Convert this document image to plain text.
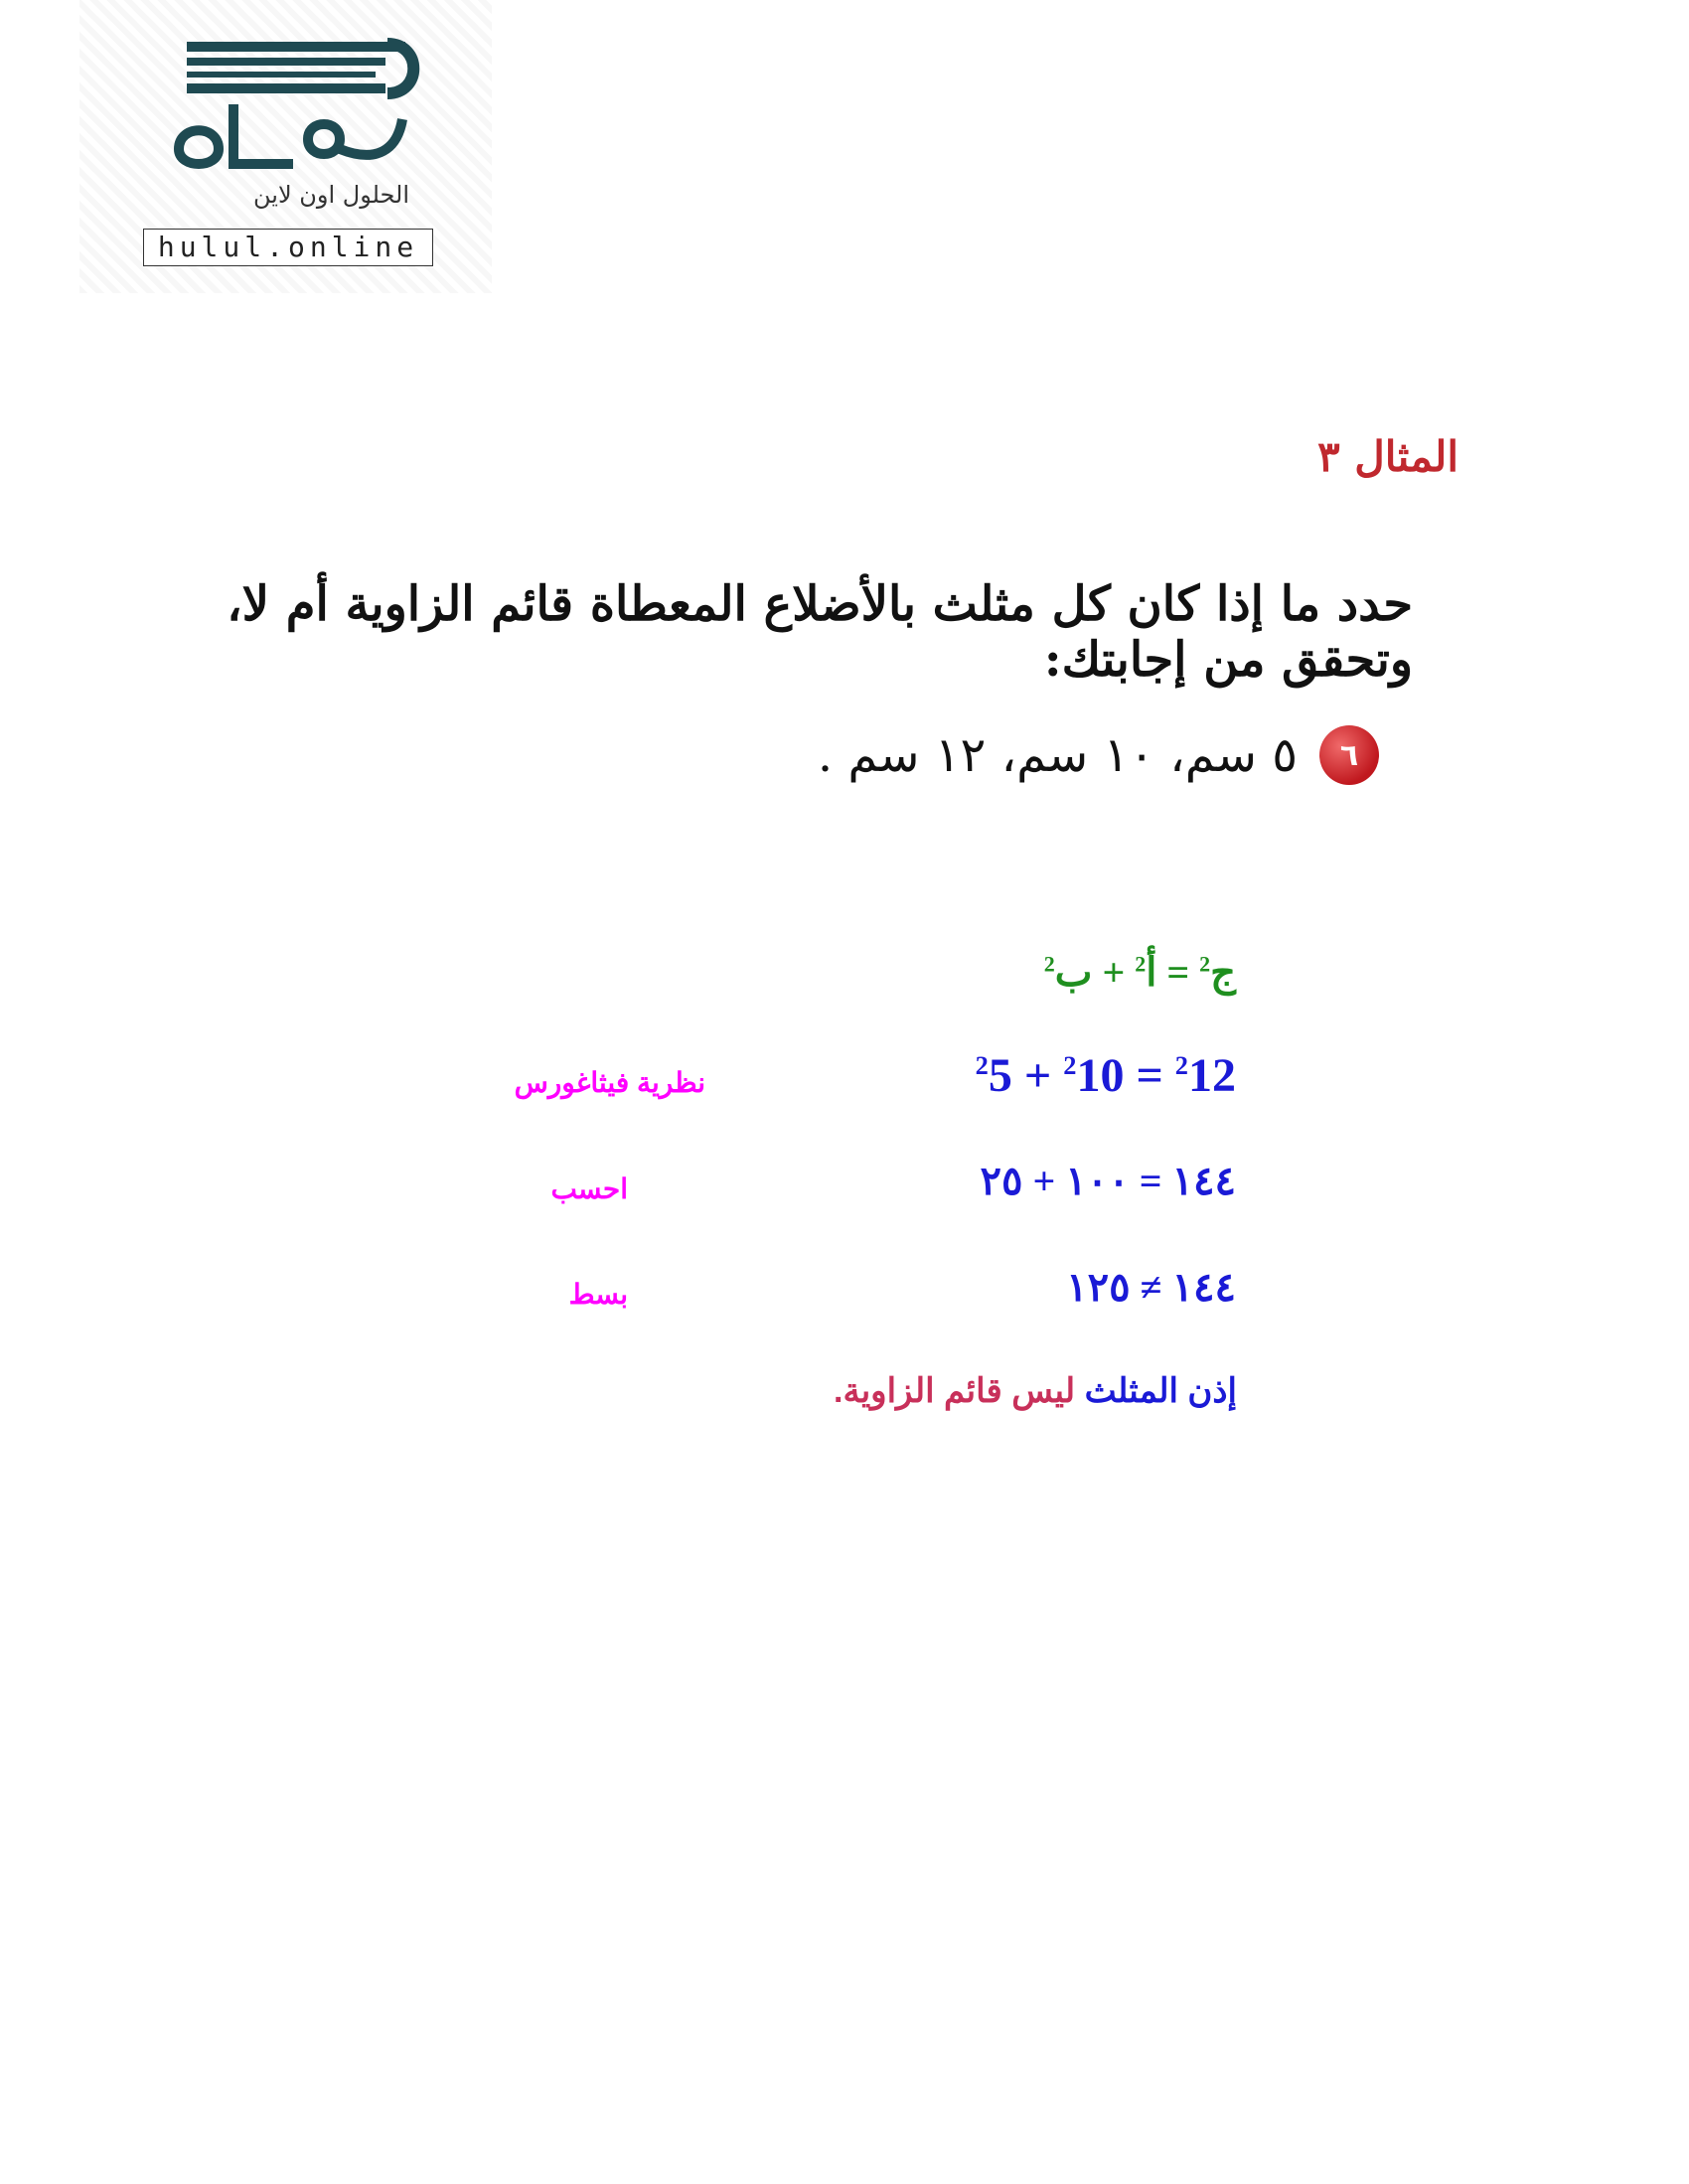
الحلول اون لاين
hulul.online
المثال ٣
حدد ما إذا كان كل مثلث بالأضلاع المعطاة قائم الزاوية أم لا، وتحقق من إجابتك:
٦
٥ سم، ١٠ سم، ١٢ سم .
ج$^2$ = أ$^2$ + ب$^2$
$^2$5 + $^2$10 = $^2$12
نظرية فيثاغورس
١٤٤ = ١٠٠ + ٢٥
احسب
١٤٤ ≠ ١٢٥
بسط
إذن المثلث ليس قائم الزاوية.
